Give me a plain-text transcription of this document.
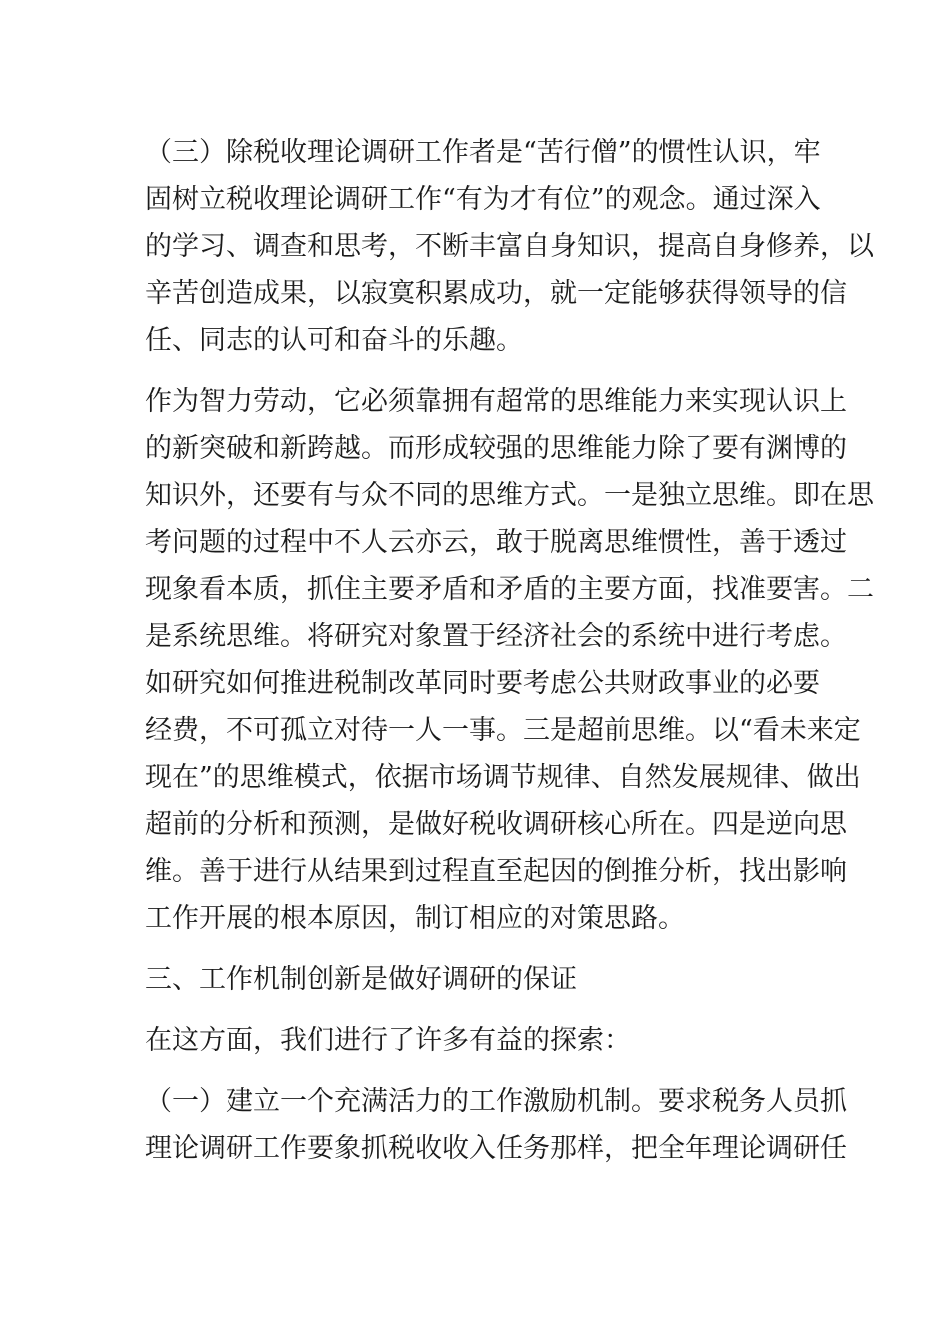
（三）除税收理论调研工作者是“苦行僧”的惯性认识，牢
固树立税收理论调研工作“有为才有位”的观念。通过深入
的学习、调查和思考，不断丰富自身知识，提高自身修养，以
辛苦创造成果，以寂寞积累成功，就一定能够获得领导的信
任、同志的认可和奋斗的乐趣。
作为智力劳动，它必须靠拥有超常的思维能力来实现认识上
的新突破和新跨越。而形成较强的思维能力除了要有渊博的
知识外，还要有与众不同的思维方式。一是独立思维。即在思
考问题的过程中不人云亦云，敢于脱离思维惯性，善于透过
现象看本质，抓住主要矛盾和矛盾的主要方面，找准要害。二
是系统思维。将研究对象置于经济社会的系统中进行考虑。
如研究如何推进税制改革同时要考虑公共财政事业的必要
经费，不可孤立对待一人一事。三是超前思维。以“看未来定
现在”的思维模式，依据市场调节规律、自然发展规律、做出
超前的分析和预测，是做好税收调研核心所在。四是逆向思
维。善于进行从结果到过程直至起因的倒推分析，找出影响
工作开展的根本原因，制订相应的对策思路。
三、工作机制创新是做好调研的保证
在这方面，我们进行了许多有益的探索：
（一）建立一个充满活力的工作激励机制。要求税务人员抓
理论调研工作要象抓税收收入任务那样，把全年理论调研任
